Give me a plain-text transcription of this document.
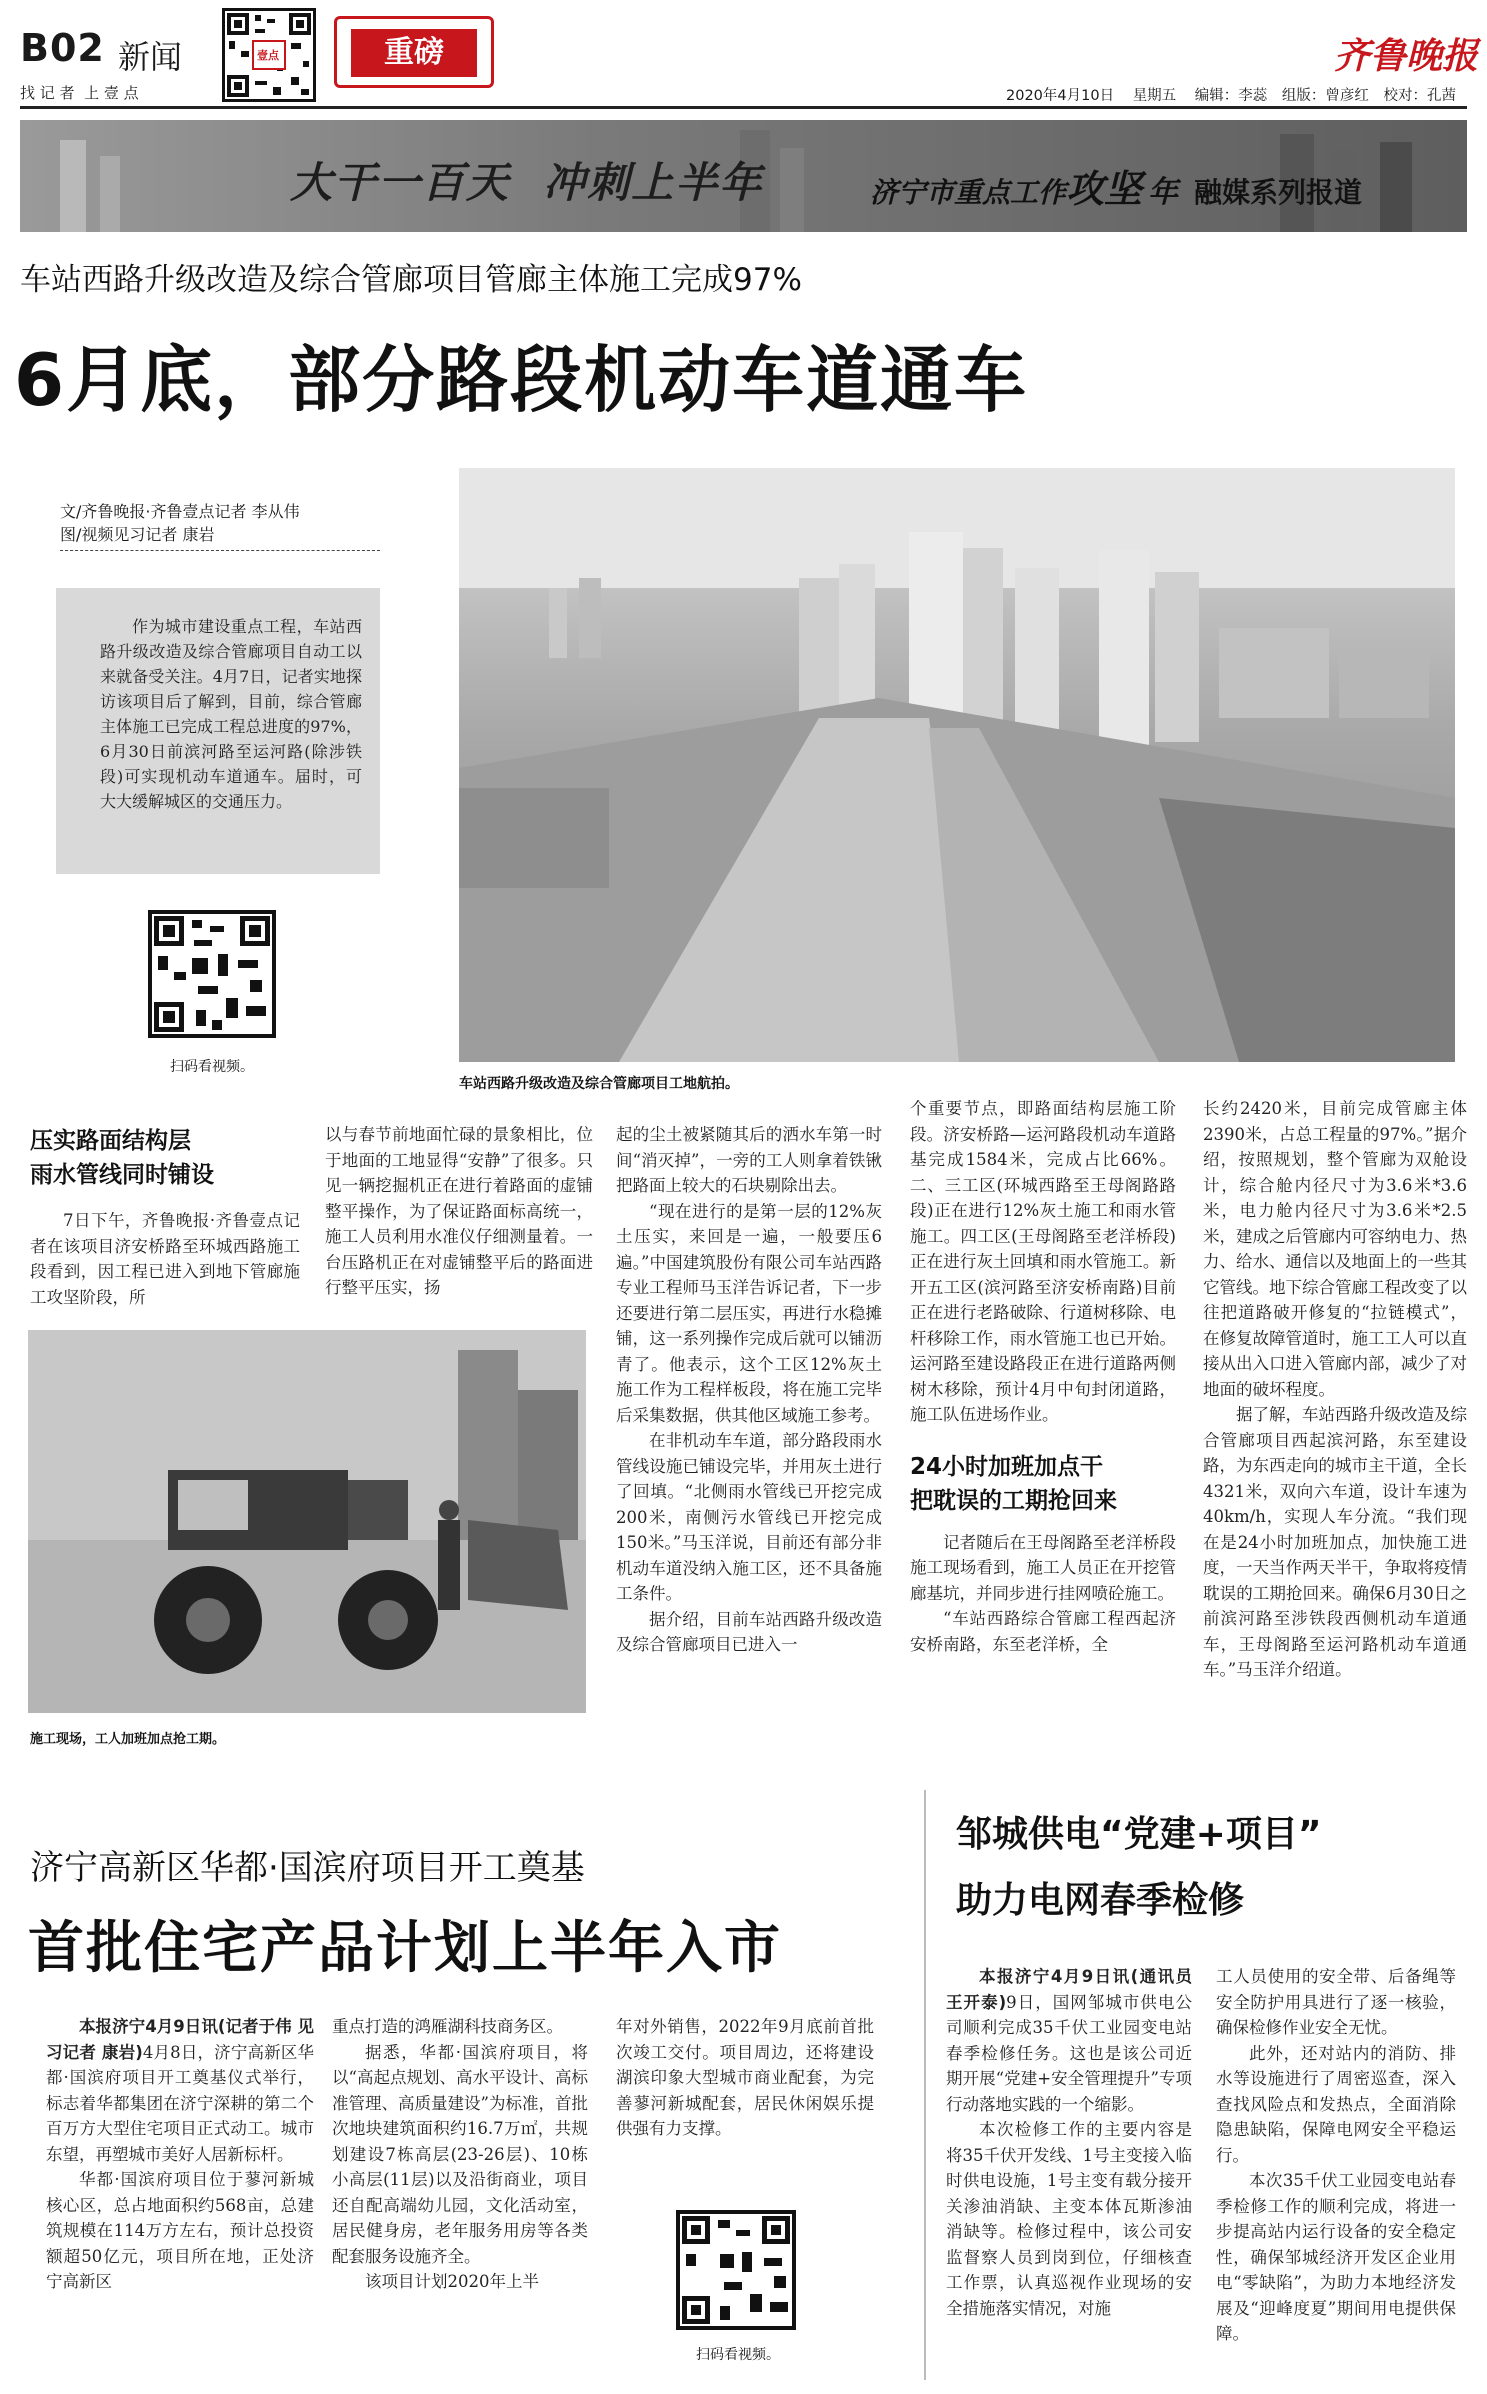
B02 新闻
找 记 者  上 壹 点
壹点	重磅	齐鲁晚报
2020年4月10日 星期五 编辑：李蕊 组版：曾彦红 校对：孔茜
大干一百天  冲刺上半年	济宁市重点工作攻坚 年 融媒系列报道
车站西路升级改造及综合管廊项目管廊主体施工完成97%
6月底，部分路段机动车道通车
文/齐鲁晚报·齐鲁壹点记者 李从伟
图/视频见习记者 康岩

作为城市建设重点工程，车站西路升级改造及综合管廊项目自动工以来就备受关注。4月7日，记者实地探访该项目后了解到，目前，综合管廊主体施工已完成工程总进度的97%，6月30日前滨河路至运河路(除涉铁段)可实现机动车道通车。届时，可大大缓解城区的交通压力。

扫码看视频。
车站西路升级改造及综合管廊项目工地航拍。
压实路面结构层
雨水管线同时铺设

7日下午，齐鲁晚报·齐鲁壹点记者在该项目济安桥路至环城西路施工段看到，因工程已进入到地下管廊施工攻坚阶段，所

以与春节前地面忙碌的景象相比，位于地面的工地显得“安静”了很多。只见一辆挖掘机正在进行着路面的虚铺整平操作，为了保证路面标高统一，施工人员利用水准仪仔细测量着。一台压路机正在对虚铺整平后的路面进行整平压实，扬

施工现场，工人加班加点抢工期。

起的尘土被紧随其后的洒水车第一时间“消灭掉”，一旁的工人则拿着铁锹把路面上较大的石块剔除出去。

“现在进行的是第一层的12%灰土压实，来回是一遍，一般要压6遍。”中国建筑股份有限公司车站西路专业工程师马玉洋告诉记者，下一步还要进行第二层压实，再进行水稳摊铺，这一系列操作完成后就可以铺沥青了。他表示，这个工区12%灰土施工作为工程样板段，将在施工完毕后采集数据，供其他区域施工参考。

在非机动车车道，部分路段雨水管线设施已铺设完毕，并用灰土进行了回填。“北侧雨水管线已开挖完成200米，南侧污水管线已开挖完成150米。”马玉洋说，目前还有部分非机动车道没纳入施工区，还不具备施工条件。

据介绍，目前车站西路升级改造及综合管廊项目已进入一

个重要节点，即路面结构层施工阶段。济安桥路—运河路段机动车道路基完成1584米，完成占比66%。二、三工区(环城西路至王母阁路路段)正在进行12%灰土施工和雨水管施工。四工区(王母阁路至老洋桥段)正在进行灰土回填和雨水管施工。新开五工区(滨河路至济安桥南路)目前正在进行老路破除、行道树移除、电杆移除工作，雨水管施工也已开始。运河路至建设路段正在进行道路两侧树木移除，预计4月中旬封闭道路，施工队伍进场作业。

24小时加班加点干
把耽误的工期抢回来

记者随后在王母阁路至老洋桥段施工现场看到，施工人员正在开挖管廊基坑，并同步进行挂网喷砼施工。

“车站西路综合管廊工程西起济安桥南路，东至老洋桥，全

长约2420米，目前完成管廊主体2390米，占总工程量的97%。”据介绍，按照规划，整个管廊为双舱设计，综合舱内径尺寸为3.6米*3.6米，电力舱内径尺寸为3.6米*2.5米，建成之后管廊内可容纳电力、热力、给水、通信以及地面上的一些其它管线。地下综合管廊工程改变了以往把道路破开修复的“拉链模式”，在修复故障管道时，施工工人可以直接从出入口进入管廊内部，减少了对地面的破坏程度。

据了解，车站西路升级改造及综合管廊项目西起滨河路，东至建设路，为东西走向的城市主干道，全长4321米，双向六车道，设计车速为40km/h，实现人车分流。“我们现在是24小时加班加点，加快施工进度，一天当作两天半干，争取将疫情耽误的工期抢回来。确保6月30日之前滨河路至涉铁段西侧机动车道通车，王母阁路至运河路机动车道通车。”马玉洋介绍道。

济宁高新区华都·国滨府项目开工奠基
首批住宅产品计划上半年入市

本报济宁4月9日讯(记者于伟 见习记者 康岩)4月8日，济宁高新区华都·国滨府项目开工奠基仪式举行，标志着华都集团在济宁深耕的第二个百万方大型住宅项目正式动工。城市东望，再塑城市美好人居新标杆。

华都·国滨府项目位于蓼河新城核心区，总占地面积约568亩，总建筑规模在114万方左右，预计总投资额超50亿元，项目所在地，正处济宁高新区

重点打造的鸿雁湖科技商务区。

据悉，华都·国滨府项目，将以“高起点规划、高水平设计、高标准管理、高质量建设”为标准，首批次地块建筑面积约16.7万㎡，共规划建设7栋高层(23-26层)、10栋小高层(11层)以及沿街商业，项目还自配高端幼儿园，文化活动室，居民健身房，老年服务用房等各类配套服务设施齐全。

该项目计划2020年上半

年对外销售，2022年9月底前首批次竣工交付。项目周边，还将建设湖滨印象大型城市商业配套，为完善蓼河新城配套，居民休闲娱乐提供强有力支撑。

扫码看视频。
邹城供电“党建+项目”
助力电网春季检修

本报济宁4月9日讯(通讯员 王开泰)9日，国网邹城市供电公司顺利完成35千伏工业园变电站春季检修任务。这也是该公司近期开展“党建+安全管理提升”专项行动落地实践的一个缩影。

本次检修工作的主要内容是将35千伏开发线、1号主变接入临时供电设施，1号主变有载分接开关渗油消缺、主变本体瓦斯渗油消缺等。检修过程中，该公司安监督察人员到岗到位，仔细核查工作票，认真巡视作业现场的安全措施落实情况，对施

工人员使用的安全带、后备绳等安全防护用具进行了逐一核验，确保检修作业安全无忧。

此外，还对站内的消防、排水等设施进行了周密巡查，深入查找风险点和发热点，全面消除隐患缺陷，保障电网安全平稳运行。

本次35千伏工业园变电站春季检修工作的顺利完成，将进一步提高站内运行设备的安全稳定性，确保邹城经济开发区企业用电“零缺陷”，为助力本地经济发展及“迎峰度夏”期间用电提供保障。
